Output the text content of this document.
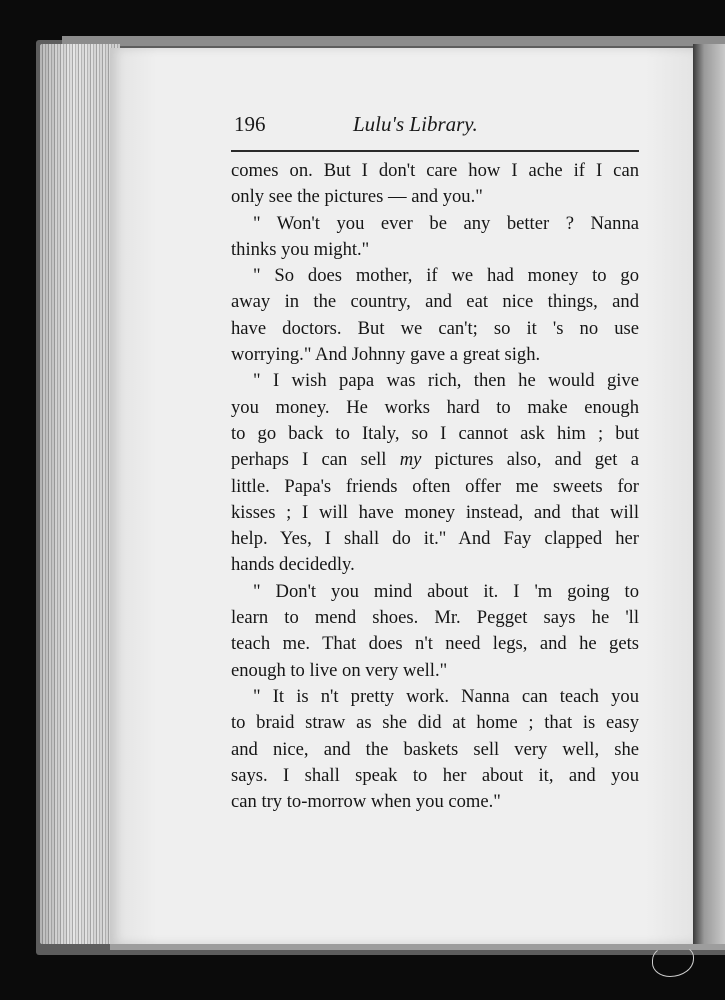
196	Lulu's Library.
comes on. But I don't care how I ache if I can
only see the pictures — and you."
" Won't you ever be any better ? Nanna
thinks you might."
" So does mother, if we had money to go
away in the country, and eat nice things, and
have doctors. But we can't; so it 's no use
worrying." And Johnny gave a great sigh.
" I wish papa was rich, then he would give
you money. He works hard to make enough
to go back to Italy, so I cannot ask him ; but
perhaps I can sell my pictures also, and get a
little. Papa's friends often offer me sweets for
kisses ; I will have money instead, and that will
help. Yes, I shall do it." And Fay clapped her
hands decidedly.
" Don't you mind about it. I 'm going to
learn to mend shoes. Mr. Pegget says he 'll
teach me. That does n't need legs, and he gets
enough to live on very well."
" It is n't pretty work. Nanna can teach you
to braid straw as she did at home ; that is easy
and nice, and the baskets sell very well, she
says. I shall speak to her about it, and you
can try to-morrow when you come."
